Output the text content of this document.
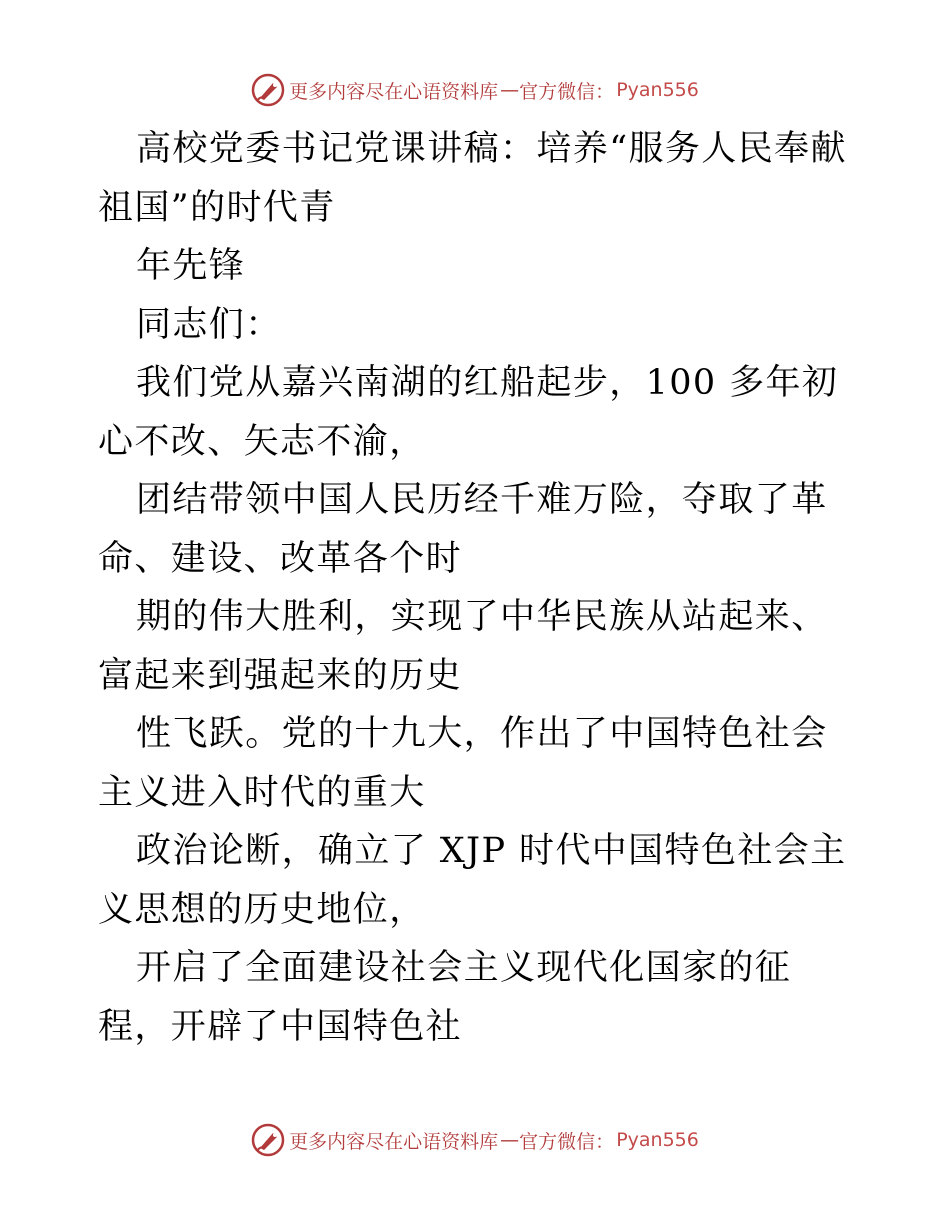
更多内容尽在心语资料库 — 官方微信： Pyan556

高校党委书记党课讲稿：培养“服务人民奉献祖国”的时代青

年先锋

同志们：

我们党从嘉兴南湖的红船起步，100 多年初心不改、矢志不渝，

团结带领中国人民历经千难万险，夺取了革命、建设、改革各个时

期的伟大胜利，实现了中华民族从站起来、富起来到强起来的历史

性飞跃。党的十九大，作出了中国特色社会主义进入时代的重大

政治论断，确立了 XJP 时代中国特色社会主义思想的历史地位，

开启了全面建设社会主义现代化国家的征程，开辟了中国特色社

更多内容尽在心语资料库 — 官方微信： Pyan556
